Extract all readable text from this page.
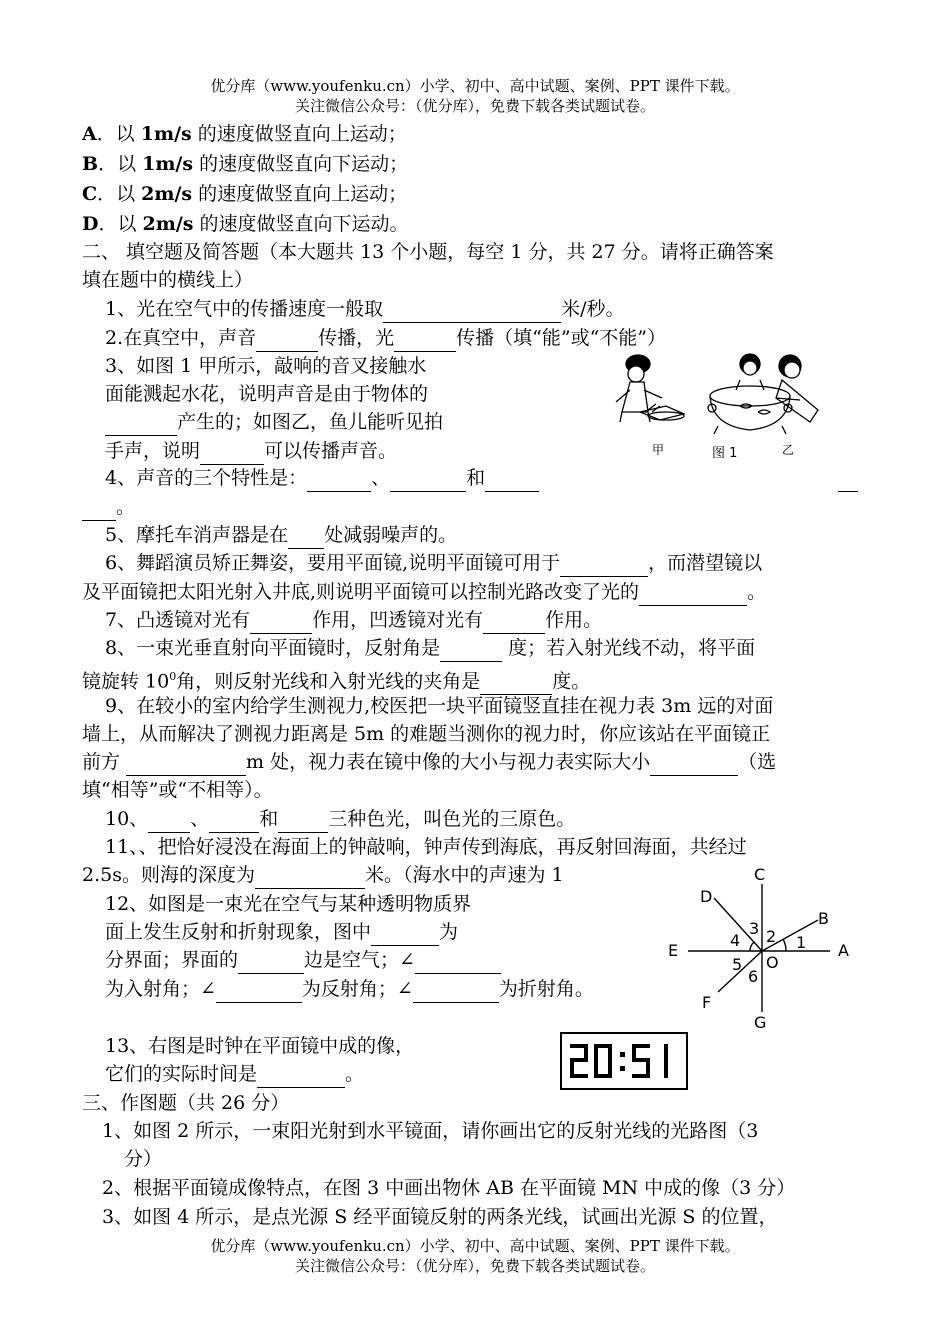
优分库（www.youfenku.cn）小学、初中、高中试题、案例、PPT 课件下载。
关注微信公众号：（优分库），免费下载各类试题试卷。
A．以 1m/s 的速度做竖直向上运动；
B．以 1m/s 的速度做竖直向下运动；
C．以 2m/s 的速度做竖直向上运动；
D．以 2m/s 的速度做竖直向下运动。
二、 填空题及简答题（本大题共 13 个小题，每空 1 分，共 27 分。请将正确答案
填在题中的横线上）
1、光在空气中的传播速度一般取	米/秒。
2.在真空中，声音	传播，光	传播（填“能”或“不能”）
3、如图 1 甲所示，敲响的音叉接触水
面能溅起水花，说明声音是由于物体的
产生的；如图乙，鱼儿能听见拍
手声，说明	可以传播声音。	甲	图 1	乙
4、声音的三个特性是：	、	和
。
5、摩托车消声器是在 处减弱噪声的。
6、舞蹈演员矫正舞姿，要用平面镜,说明平面镜可用于	，而潜望镜以
及平面镜把太阳光射入井底,则说明平面镜可以控制光路改变了光的	。
7、凸透镜对光有	作用，凹透镜对光有	作用。
8、一束光垂直射向平面镜时，反射角是	度；若入射光线不动，将平面
镜旋转 $10^0$角，则反射光线和入射光线的夹角是	度。
9、在较小的室内给学生测视力,校医把一块平面镜竖直挂在视力表 3m 远的对面
墙上，从而解决了测视力距离是 5m 的难题当测你的视力时，你应该站在平面镜正
前方	m 处，视力表在镜中像的大小与视力表实际大小	（选
填“相等”或“不相等）。
10、 、	和	三种色光，叫色光的三原色。
11、、把恰好浸没在海面上的钟敲响，钟声传到海底，再反射回海面，共经过
2.5s。则海的深度为	米。（海水中的声速为 1
12、如图是一束光在空气与某种透明物质界
面上发生反射和折射现象，图中	为
分界面；界面的	边是空气；∠
为入射角；∠	为反射角；∠	为折射角。
C
D
B
E	A
F
G
O
1
2
3
4
5
6
13、右图是时钟在平面镜中成的像，
它们的实际时间是	。
20:51
三、作图题（共 26 分）
1、如图 2 所示，一束阳光射到水平镜面，请你画出它的反射光线的光路图（3
分）
2、根据平面镜成像特点，在图 3 中画出物休 AB 在平面镜 MN 中成的像（3 分）
3、如图 4 所示，是点光源 S 经平面镜反射的两条光线，试画出光源 S 的位置，
优分库（www.youfenku.cn）小学、初中、高中试题、案例、PPT 课件下载。
关注微信公众号：（优分库），免费下载各类试题试卷。
